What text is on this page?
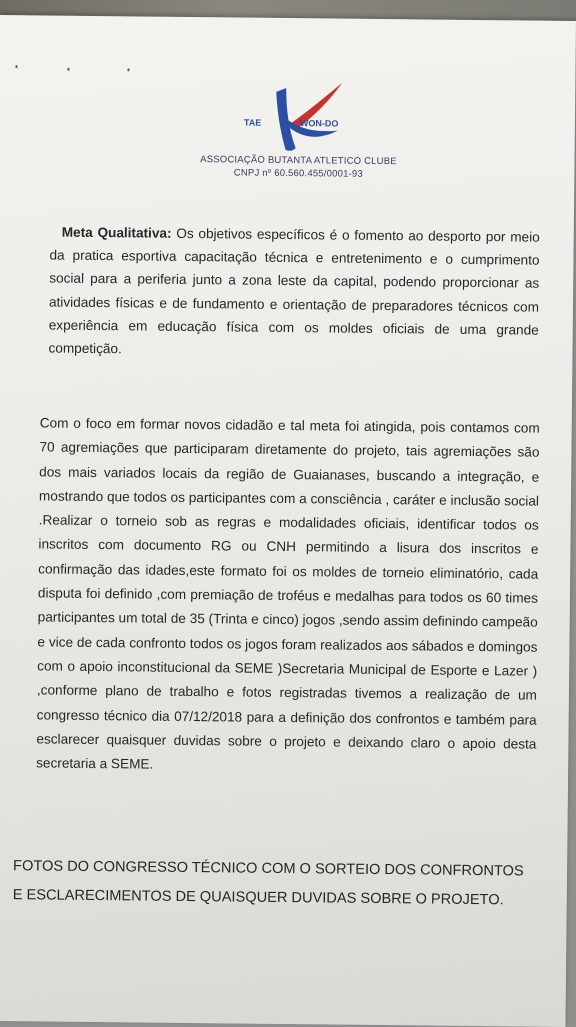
TAE	WON-DO
BUTANTA
ASSOCIAÇÃO BUTANTA ATLETICO CLUBE
CNPJ nº 60.560.455/0001-93
Meta Qualitativa: Os objetivos específicos é o fomento ao desporto por meio da pratica esportiva capacitação técnica e entretenimento e o cumprimento social para a periferia junto a zona leste da capital, podendo proporcionar as atividades físicas e de fundamento e orientação de preparadores técnicos com experiência em educação física com os moldes oficiais de uma grande competição.
Com o foco em formar novos cidadão e tal meta foi atingida, pois contamos com 70 agremiações que participaram diretamente do projeto, tais agremiações são dos mais variados locais da região de Guaianases, buscando a integração, e mostrando que todos os participantes com a consciência , caráter e inclusão social .Realizar o torneio sob as regras e modalidades oficiais, identificar todos os inscritos com documento RG ou CNH permitindo a lisura dos inscritos e confirmação das idades,este formato foi os moldes de torneio eliminatório, cada disputa foi definido ,com premiação de troféus e medalhas para todos os 60 times participantes um total de 35 (Trinta e cinco) jogos ,sendo assim definindo campeão e vice de cada confronto todos os jogos foram realizados aos sábados e domingos com o apoio inconstitucional da SEME )Secretaria Municipal de Esporte e Lazer ) ,conforme plano de trabalho e fotos registradas tivemos a realização de um congresso técnico dia 07/12/2018 para a definição dos confrontos e também para esclarecer quaisquer duvidas sobre o projeto e deixando claro o apoio desta secretaria a SEME.
FOTOS DO CONGRESSO TÉCNICO COM O SORTEIO DOS CONFRONTOS
E ESCLARECIMENTOS DE QUAISQUER DUVIDAS SOBRE O PROJETO.
